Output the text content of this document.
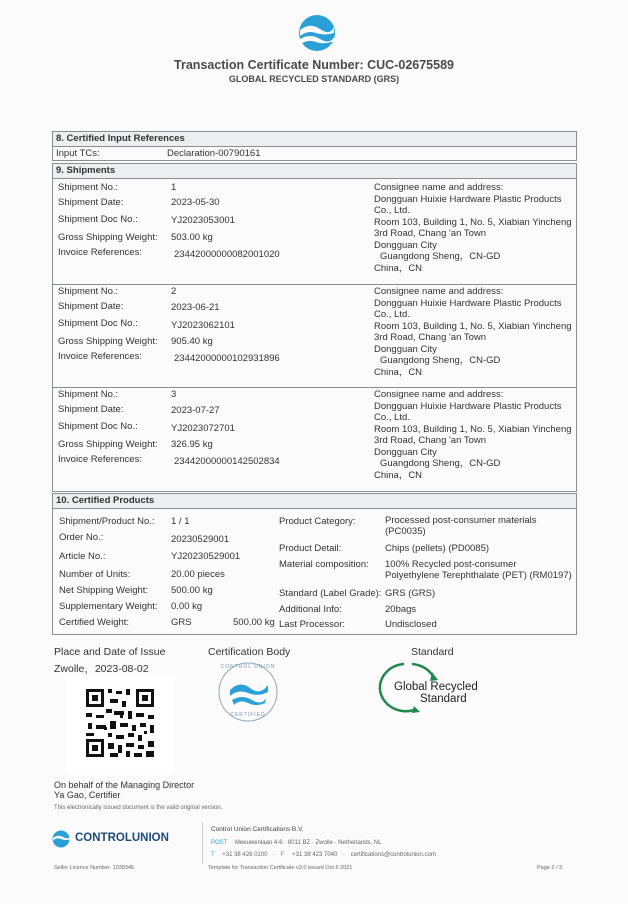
Transaction Certificate Number: CUC-02675589
GLOBAL RECYCLED STANDARD (GRS)
8. Certified Input References
Input TCs:	Declaration-00790161
9. Shipments
Shipment No.:	1
Shipment Date:	2023-05-30
Shipment Doc No.:	YJ2023053001
Gross Shipping Weight: 503.00 kg
Invoice References:	23442000000082001020
Consignee name and address:
Dongguan Huixie Hardware Plastic Products
Co., Ltd.
Room 103, Building 1, No. 5, Xiabian Yincheng
3rd Road, Chang 'an Town
Dongguan City
Guangdong Sheng，CN-GD
China，CN
Shipment No.:	2
Shipment Date:	2023-06-21
Shipment Doc No.:	YJ2023062101
Gross Shipping Weight: 905.40 kg
Invoice References:	23442000000102931896
Consignee name and address:
Dongguan Huixie Hardware Plastic Products
Co., Ltd.
Room 103, Building 1, No. 5, Xiabian Yincheng
3rd Road, Chang 'an Town
Dongguan City
Guangdong Sheng，CN-GD
China，CN
Shipment No.:	3
Shipment Date:	2023-07-27
Shipment Doc No.:	YJ2023072701
Gross Shipping Weight: 326.95 kg
Invoice References:	23442000000142502834
Consignee name and address:
Dongguan Huixie Hardware Plastic Products
Co., Ltd.
Room 103, Building 1, No. 5, Xiabian Yincheng
3rd Road, Chang 'an Town
Dongguan City
Guangdong Sheng，CN-GD
China，CN
10. Certified Products
Shipment/Product No.: 1 / 1
Order No.:	20230529001
Article No.:	YJ20230529001
Number of Units:	20.00 pieces
Net Shipping Weight: 500.00 kg
Supplementary Weight: 0.00 kg
Certified Weight:	GRS	500.00 kg
Product Category:	Processed post-consumer materials
(PC0035)
Product Detail:	Chips (pellets) (PD0085)
Material composition: 100% Recycled post-consumer
Polyethylene Terephthalate (PET) (RM0197)
Standard (Label Grade): GRS (GRS)
Additional Info:	20bags
Last Processor:	Undisclosed
Place and Date of Issue
Zwolle，2023-08-02
Certification Body	Standard
CONTROL UNION
CERTIFIED
Global Recycled
Standard
On behalf of the Managing Director
Ya Gao, Certifier
This electronically issued document is the valid original version.
CONTROLUNION
Control Union Certifications B.V.
POST Meeuwenlaan 4-6 · 8011 BZ · Zwolle · Netherlands, NL
T +31 38 426 0100 · F +31 38 423 7040 · certifications@controlunion.com
Seller Licence Number: 1038346	Template for Transaction Certificate v3.0 issued Oct 6 2021	Page 2 / 3
